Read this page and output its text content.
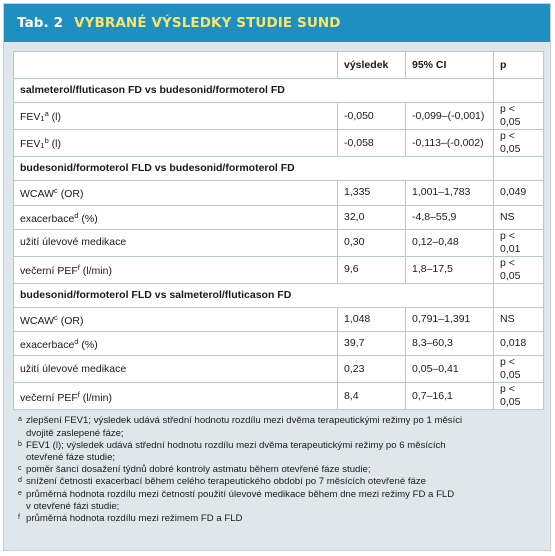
Tab. 2 VYBRANÉ VÝSLEDKY STUDIE SUND
	výsledek	95% CI	p
salmeterol/fluticason FD vs budesonid/formoterol FD			
$FEV_1^a$ (l)	-0,050	-0,099–(-0,001)	p < 0,05
$FEV_1^b$ (l)	-0,058	-0,113–(-0,002)	p < 0,05
budesonid/formoterol FLD vs budesonid/formoterol FD			
WCAW$^c$ (OR)	1,335	1,001–1,783	0,049
exacerbace$^d$ (%)	32,0	-4,8–55,9	NS
užití úlevové medikace	0,30	0,12–0,48	p < 0,01
večerní PEF$^f$ (l/min)	9,6	1,8–17,5	p < 0,05
budesonid/formoterol FLD vs salmeterol/fluticason FD			
WCAW$^c$ (OR)	1,048	0,791–1,391	NS
exacerbace$^d$ (%)	39,7	8,3–60,3	0,018
užití úlevové medikace	0,23	0,05–0,41	p < 0,05
večerní PEF$^f$ (l/min)	8,4	0,7–16,1	p < 0,05
a zlepšení FEV1; výsledek udává střední hodnotu rozdílu mezi dvěma terapeutickými režimy po 1 měsíci
dvojitě zaslepené fáze;
b FEV1 (l); výsledek udává střední hodnotu rozdílu mezi dvěma terapeutickými režimy po 6 měsících
otevřené fáze studie;
c poměr šancí dosažení týdnů dobré kontroly astmatu během otevřené fáze studie;
d snížení četnosti exacerbací během celého terapeutického období po 7 měsících otevřené fáze
e průměrná hodnota rozdílu mezi četností použití úlevové medikace během dne mezi režimy FD a FLD
v otevřené fázi studie;
f průměrná hodnota rozdílu mezi režimem FD a FLD
